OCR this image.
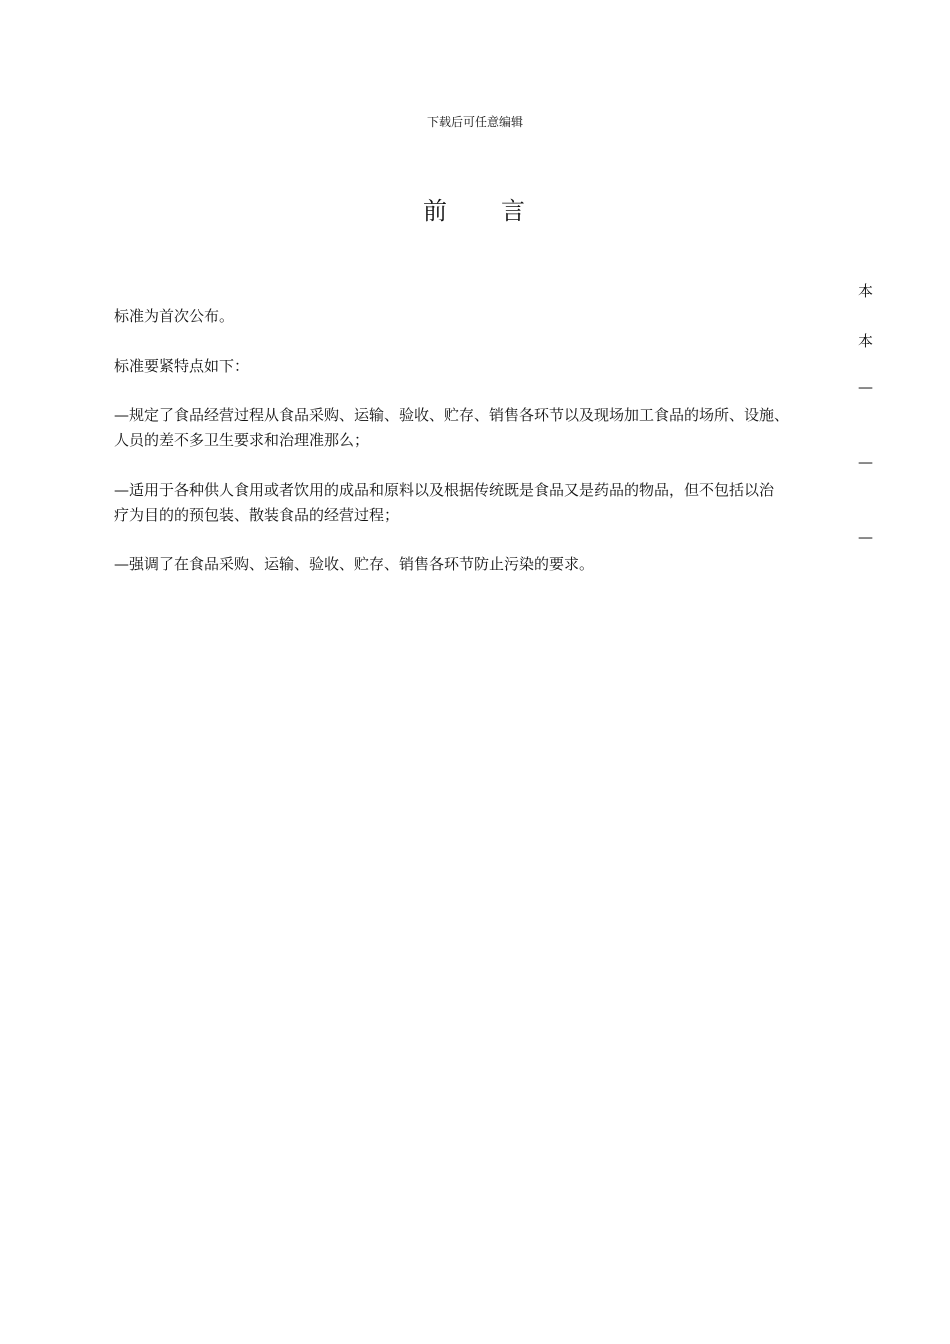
下载后可任意编辑
前 言
本
标准为首次公布。
本
标准要紧特点如下：
—
—规定了食品经营过程从食品采购、运输、验收、贮存、销售各环节以及现场加工食品的场所、设施、
人员的差不多卫生要求和治理准那么；
—
—适用于各种供人食用或者饮用的成品和原料以及根据传统既是食品又是药品的物品，但不包括以治
疗为目的的预包装、散装食品的经营过程；
—
—强调了在食品采购、运输、验收、贮存、销售各环节防止污染的要求。
